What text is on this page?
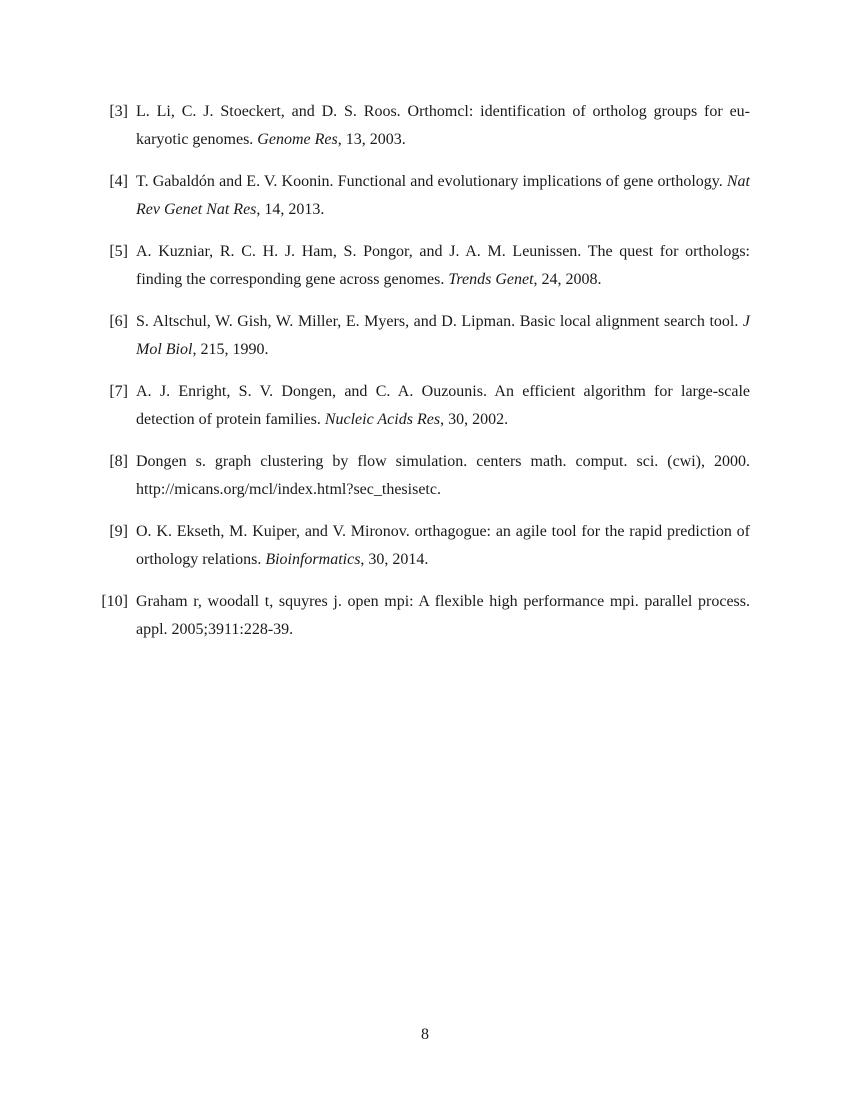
[3] L. Li, C. J. Stoeckert, and D. S. Roos. Orthomcl: identification of ortholog groups for eu-karyotic genomes. Genome Res, 13, 2003.
[4] T. Gabaldón and E. V. Koonin. Functional and evolutionary implications of gene orthology. Nat Rev Genet Nat Res, 14, 2013.
[5] A. Kuzniar, R. C. H. J. Ham, S. Pongor, and J. A. M. Leunissen. The quest for orthologs: finding the corresponding gene across genomes. Trends Genet, 24, 2008.
[6] S. Altschul, W. Gish, W. Miller, E. Myers, and D. Lipman. Basic local alignment search tool. J Mol Biol, 215, 1990.
[7] A. J. Enright, S. V. Dongen, and C. A. Ouzounis. An efficient algorithm for large-scale detection of protein families. Nucleic Acids Res, 30, 2002.
[8] Dongen s. graph clustering by flow simulation. centers math. comput. sci. (cwi), 2000. http://micans.org/mcl/index.html?sec_thesisetc.
[9] O. K. Ekseth, M. Kuiper, and V. Mironov. orthagogue: an agile tool for the rapid prediction of orthology relations. Bioinformatics, 30, 2014.
[10] Graham r, woodall t, squyres j. open mpi: A flexible high performance mpi. parallel process. appl. 2005;3911:228-39.
8
